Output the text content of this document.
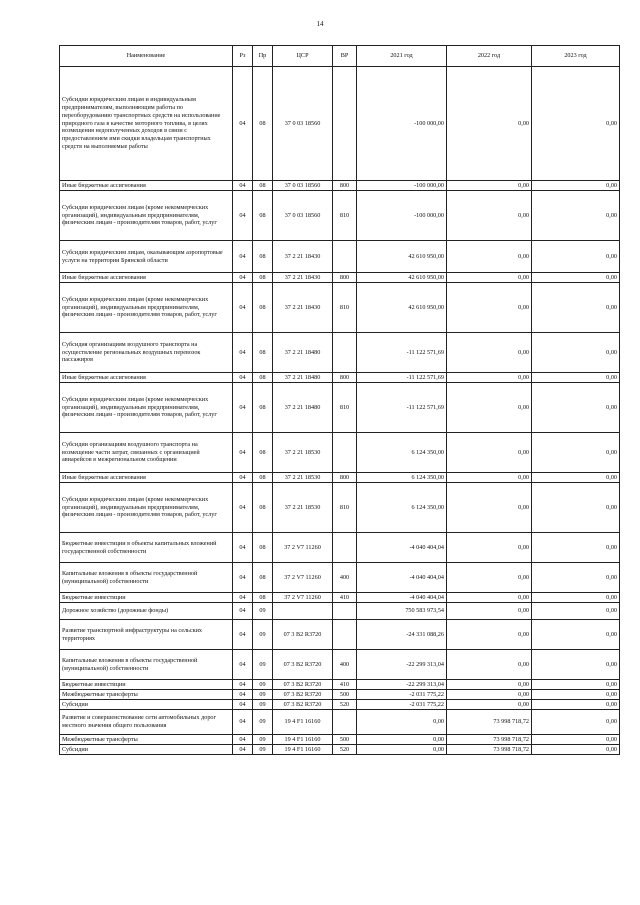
14
Наименование	Рз	Пр	ЦСР	ВР	2021 год	2022 год	2023 год
Субсидии юридическим лицам и индивидуальным предпринимателям, выполняющим работы по переоборудованию транспортных средств на использование природного газа в качестве моторного топлива, в целях возмещения недополученных доходов в связи с предоставлением ими скидки владельцам транспортных средств на выполняемые работы	04	08	37 0 03 18560		-100 000,00	0,00	0,00
Иные бюджетные ассигнования	04	08	37 0 03 18560	800	-100 000,00	0,00	0,00
Субсидии юридическим лицам (кроме некоммерческих организаций), индивидуальным предпринимателям, физическим лицам - производителям товаров, работ, услуг	04	08	37 0 03 18560	810	-100 000,00	0,00	0,00
Субсидии юридическим лицам, оказывающим аэропортовые услуги на территории Брянской области	04	08	37 2 21 18430		42 610 950,00	0,00	0,00
Иные бюджетные ассигнования	04	08	37 2 21 18430	800	42 610 950,00	0,00	0,00
Субсидии юридическим лицам (кроме некоммерческих организаций), индивидуальным предпринимателям, физическим лицам - производителям товаров, работ, услуг	04	08	37 2 21 18430	810	42 610 950,00	0,00	0,00
Субсидия организациям воздушного транспорта на осуществление региональных воздушных перевозок пассажиров	04	08	37 2 21 18480		-11 122 571,69	0,00	0,00
Иные бюджетные ассигнования	04	08	37 2 21 18480	800	-11 122 571,69	0,00	0,00
Субсидии юридическим лицам (кроме некоммерческих организаций), индивидуальным предпринимателям, физическим лицам - производителям товаров, работ, услуг	04	08	37 2 21 18480	810	-11 122 571,69	0,00	0,00
Субсидии организациям воздушного транспорта на возмещение части затрат, связанных с организацией авиарейсов в межрегиональном сообщении	04	08	37 2 21 18530		6 124 350,00	0,00	0,00
Иные бюджетные ассигнования	04	08	37 2 21 18530	800	6 124 350,00	0,00	0,00
Субсидии юридическим лицам (кроме некоммерческих организаций), индивидуальным предпринимателям, физическим лицам - производителям товаров, работ, услуг	04	08	37 2 21 18530	810	6 124 350,00	0,00	0,00
Бюджетные инвестиции в объекты капитальных вложений государственной собственности	04	08	37 2 V7 11260		-4 040 404,04	0,00	0,00
Капитальные вложения в объекты государственной (муниципальной) собственности	04	08	37 2 V7 11260	400	-4 040 404,04	0,00	0,00
Бюджетные инвестиции	04	08	37 2 V7 11260	410	-4 040 404,04	0,00	0,00
Дорожное хозяйство (дорожные фонды)	04	09			750 583 973,54	0,00	0,00
Развитие транспортной инфраструктуры на сельских территориях	04	09	07 3 В2 R3720		-24 331 088,26	0,00	0,00
Капитальные вложения в объекты государственной (муниципальной) собственности	04	09	07 3 В2 R3720	400	-22 299 313,04	0,00	0,00
Бюджетные инвестиции	04	09	07 3 В2 R3720	410	-22 299 313,04	0,00	0,00
Межбюджетные трансферты	04	09	07 3 В2 R3720	500	-2 031 775,22	0,00	0,00
Субсидии	04	09	07 3 В2 R3720	520	-2 031 775,22	0,00	0,00
Развитие и совершенствование сети автомобильных дорог местного значения общего пользования	04	09	19 4 F1 16160		0,00	73 998 718,72	0,00
Межбюджетные трансферты	04	09	19 4 F1 16160	500	0,00	73 998 718,72	0,00
Субсидии	04	09	19 4 F1 16160	520	0,00	73 998 718,72	0,00
